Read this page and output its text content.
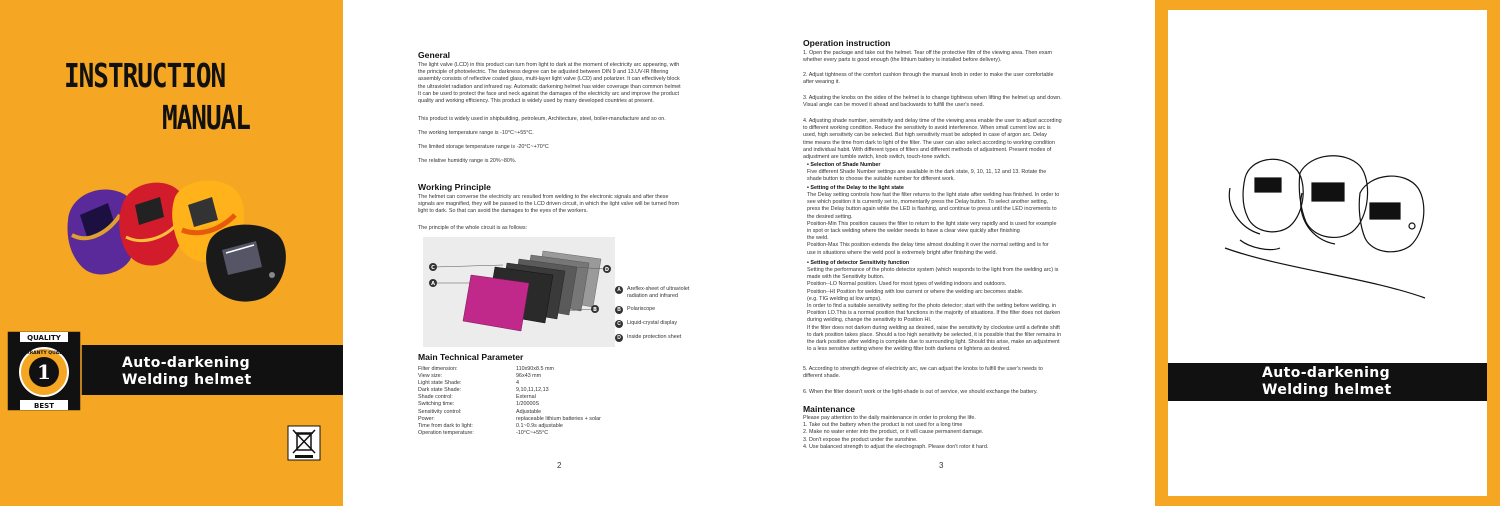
INSTRUCTION
MANUAL
Auto-darkening
Welding helmet
QUALITY
1
WARRANTY QUALITY
BEST
General
The light valve (LCD) in this product can turn from light to dark at the moment of electricity arc appearing, with
the principle of photoelectric. The darkness degree can be adjusted between DIN 9 and 13.UV-IR filtering
assembly consists of reflective coated glass, multi-layer light valve (LCD) and polarizer. It can effectively block
the ultraviolet radiation and infrared ray. Automatic darkening helmet has wider coverage than common helmet
It can be used to protect the face and neck against the damages of the electricity arc and improve the product
quality and working efficiency. This product is widely used by many developed countries at present.
This product is widely used in shipbuilding, petroleum, Architecture, steel, boiler-manufacture and so on.
The working temperature range is -10°C~+55°C.
The limited storage temperature range is -20°C~+70°C
The relative humidity range is 20%~80%.
Working Principle
The helmet can converse the electricity arc resulted from welding to the electronic signals and after these
signals are magnified, they will be passed to the LCD driven circuit, in which the light valve will be turned from
light to dark. So that can avoid the damages to the eyes of the workers.
The principle of the whole circuit is as follows:
C
A
D
B
A	Areflex-sheet of ultraviolet
radiation and infrared
B	Polariscope
C	Liquid-crystal display
D	Inside protection sheet
Main Technical Parameter
Filter dimension:	110x90x8.5 mm
View size:	96x43 mm
Light state Shade:	4
Dark state Shade:	9,10,11,12,13
Shade control:	External
Switching time:	1/20000S
Sensitivity control:	Adjustable
Power:	replaceable lithium batteries + solar
Time from dark to light:	0.1~0.9s adjustable
Operation temperature:	-10°C~+55°C
2
Operation instruction
1. Open the package and take out the helmet. Tear off the protective film of the viewing area. Then exam
whether every parts is good enough (the lithium battery is installed before delivery).
2. Adjust tightness of the comfort cushion through the manual knob in order to make the user comfortable
after wearing it.
3. Adjusting the knobs on the sides of the helmet is to change tightness when lifting the helmet up and down.
Visual angle can be moved it ahead and backwards to fulfill the user's need.
4. Adjusting shade number, sensitivity and delay time of the viewing area enable the user to adjust according
to different working condition. Reduce the sensitivity to avoid interference. When small current low arc is
used, high sensitivity can be selected. But high sensitivity must be adopted in case of argon arc. Delay
time means the time from dark to light of the filter. The user can also select according to working condition
and individual habit. With different types of filters and different methods of adjustment. Present modes of
adjustment are tumble switch, knob switch, touch-tone switch.
• Selection of Shade Number
Five different Shade Number settings are available in the dark state, 9, 10, 11, 12 and 13. Rotate the
shade button to choose the suitable number for different work.
• Setting of the Delay to the light state
The Delay setting controls how fast the filter returns to the light state after welding has finished. In order to
see which position it is currently set to, momentarily press the Delay button. To select another setting,
press the Delay button again while the LED is flashing, and continue to press until the LED increments to
the desired setting.
Position-Min This position causes the filter to return to the light state very rapidly and is used for example
in spot or tack welding where the welder needs to have a clear view quickly after finishing
the weld.
Position-Max This position extends the delay time almost doubling it over the normal setting and is for
use in situations where the weld pool is extremely bright after finishing the weld.
• Setting of detector Sensitivity function
Setting the performance of the photo detector system (which responds to the light from the welding arc) is
made with the Sensitivity button.
Position--LO Normal position. Used for most types of welding indoors and outdoors.
Position--HI Position for welding with low current or where the welding arc becomes stable.
(e.g. TIG welding at low amps).
In order to find a suitable sensitivity setting for the photo detector; start with the setting before welding. in
Position LO.This is a normal position that functions in the majority of situations. If the filter does not darken
during welding, change the sensitivity to Position HI.
If the filter does not darken during welding as desired, raise the sensitivity by clockwise until a definite shift
to dark position takes place. Should a too high sensitivity be selected, it is possible that the filter remains in
the dark position after welding is complete due to surrounding light. Should this arise, make an adjustment
to a less sensitive setting where the welding filter both darkens or lightens as desired.
5. According to strength degree of electricity arc, we can adjust the knobs to fulfill the user's needs to
different shade.
6. When the filter doesn't work or the light-shade is out of service, we should exchange the battery.
Maintenance
Please pay attention to the daily maintenance in order to prolong the life.
1. Take out the battery when the product is not used for a long time
2. Make no water enter into the product, or it will cause permanent damage.
3. Don't expose the product under the sunshine.
4. Use balanced strength to adjust the electrograph. Please don't rotor it hard.
3
Auto-darkening
Welding helmet
